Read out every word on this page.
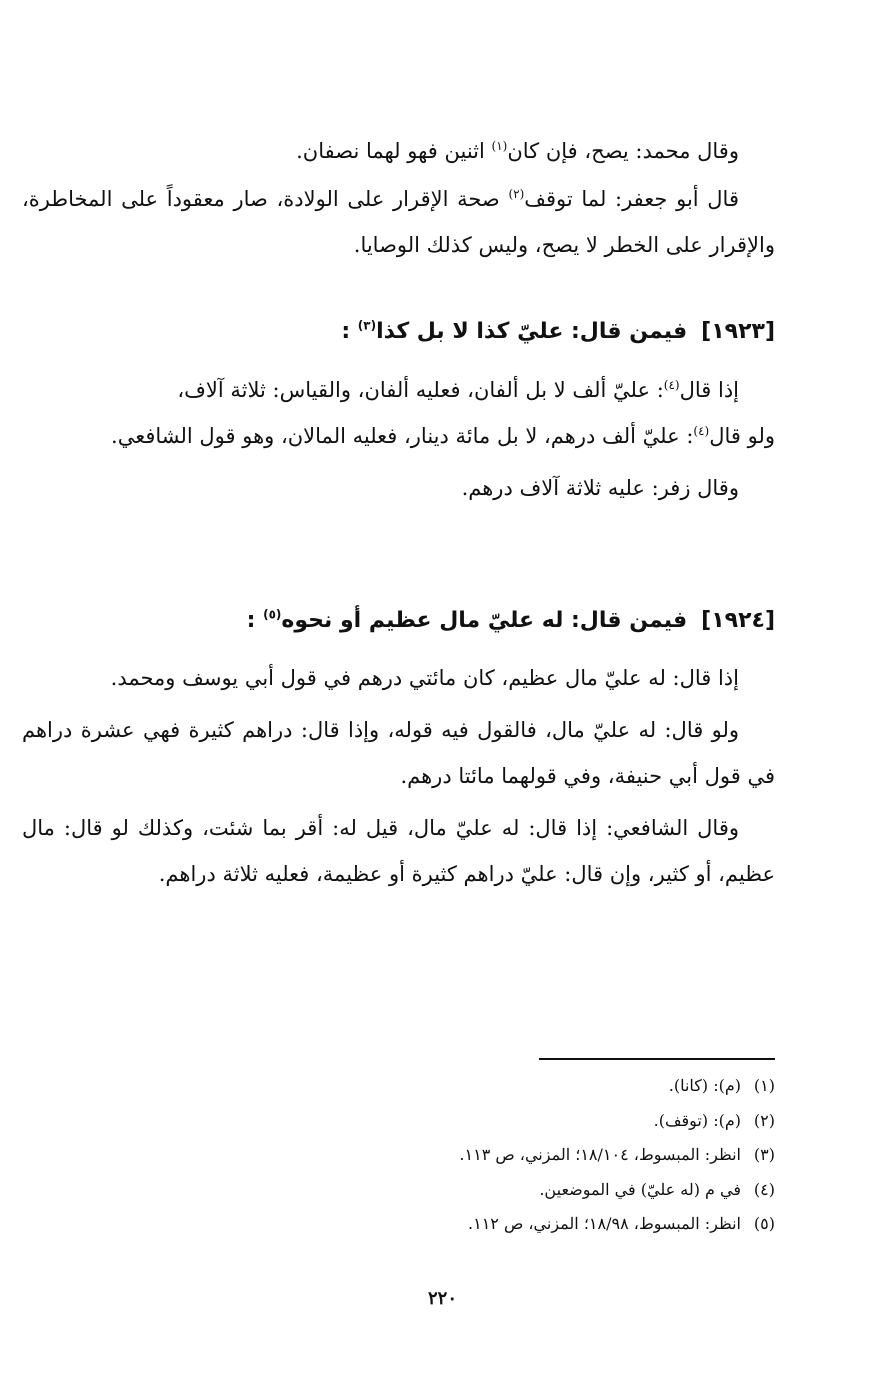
وقال محمد: يصح، فإن كان$^{(١)}$ اثنين فهو لهما نصفان.

قال أبو جعفر: لما توقف$^{(٢)}$ صحة الإقرار على الولادة، صار معقوداً على المخاطرة، والإقرار على الخطر لا يصح، وليس كذلك الوصايا.

[١٩٢٣]فيمن قال: عليّ كذا لا بل كذا$^{(٣)}$ :

إذا قال$^{(٤)}$: عليّ ألف لا بل ألفان، فعليه ألفان، والقياس: ثلاثة آلاف،

ولو قال$^{(٤)}$: عليّ ألف درهم، لا بل مائة دينار، فعليه المالان، وهو قول الشافعي.

وقال زفر: عليه ثلاثة آلاف درهم.

[١٩٢٤]فيمن قال: له عليّ مال عظيم أو نحوه$^{(٥)}$ :

إذا قال: له عليّ مال عظيم، كان مائتي درهم في قول أبي يوسف ومحمد.

ولو قال: له عليّ مال، فالقول فيه قوله، وإذا قال: دراهم كثيرة فهي عشرة دراهم في قول أبي حنيفة، وفي قولهما مائتا درهم.

وقال الشافعي: إذا قال: له عليّ مال، قيل له: أقر بما شئت، وكذلك لو قال: مال عظيم، أو كثير، وإن قال: عليّ دراهم كثيرة أو عظيمة، فعليه ثلاثة دراهم.

(١)(م): (كانا).
(٢)(م): (توقف).
(٣)انظر: المبسوط، ١٨/١٠٤؛ المزني، ص ١١٣.
(٤)في م (له عليّ) في الموضعين.
(٥)انظر: المبسوط، ١٨/٩٨؛ المزني، ص ١١٢.
٢٢٠
